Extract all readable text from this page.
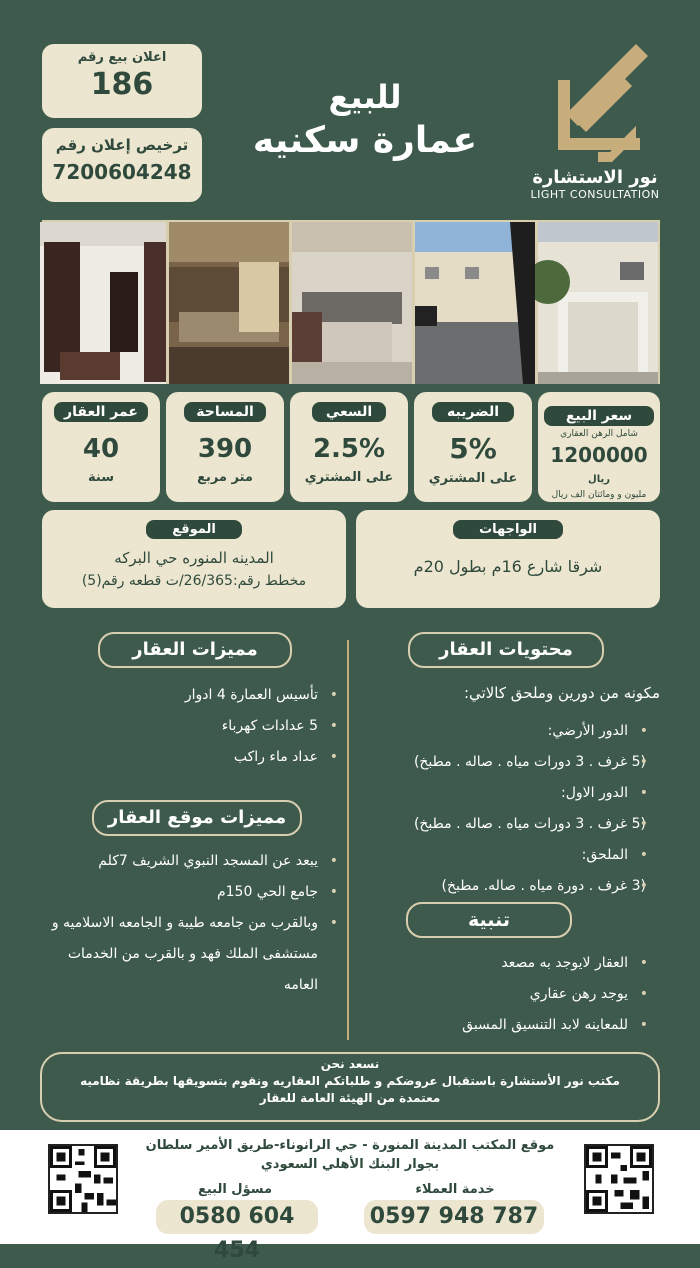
اعلان بيع رقم
186
ترخيص إعلان رقم
7200604248
للبيع
عمارة سكنيه
نور الاستشارة
LIGHT CONSULTATION
سعر البيع
شامل الرهن العقاري
1200000 ريال
مليون و ومائتان الف ريال
الضريبه
5%
على المشتري
السعي
2.5%
على المشتري
المساحة
390
متر مربع
عمر العقار
40
سنة
الواجهات
شرقا شارع 16م بطول 20م
الموقع
المدينه المنوره حي البركه
مخطط رقم:26/365/ت قطعه رقم(5)
محتويات العقار
مكونه من دورين وملحق كالاتي:
• الدور الأرضي:
• (5 غرف . 3 دورات مياه . صاله . مطبخ)
• الدور الاول:
• (5 غرف . 3 دورات مياه . صاله . مطبخ)
• الملحق:
• (3 غرف . دورة مياه . صاله. مطبخ)
تنبية
• العقار لايوجد به مصعد
• يوجد رهن عقاري
• للمعاينه لابد التنسيق المسبق
مميزات العقار
• تأسيس العمارة 4 ادوار
• 5 عدادات كهرباء
• عداد ماء راكب
مميزات موقع العقار
• يبعد عن المسجد النبوي الشريف 7كلم
• جامع الحي 150م
• وبالقرب من جامعه طيبة و الجامعه الاسلاميه و مستشفى الملك فهد و بالقرب من الخدمات العامه
نسعد نحن
مكتب نور الأستشارة باستقبال عروضكم و طلباتكم العقاريه ونقوم بتسويقها بطريقة نظاميه
معتمدة من الهيئة العامة للعقار
موقع المكتب المدينة المنورة - حي الرانوناء-طريق الأمير سلطان
بجوار البنك الأهلي السعودي
مسؤل البيع
0580 604 454
خدمة العملاء
0597 948 787
